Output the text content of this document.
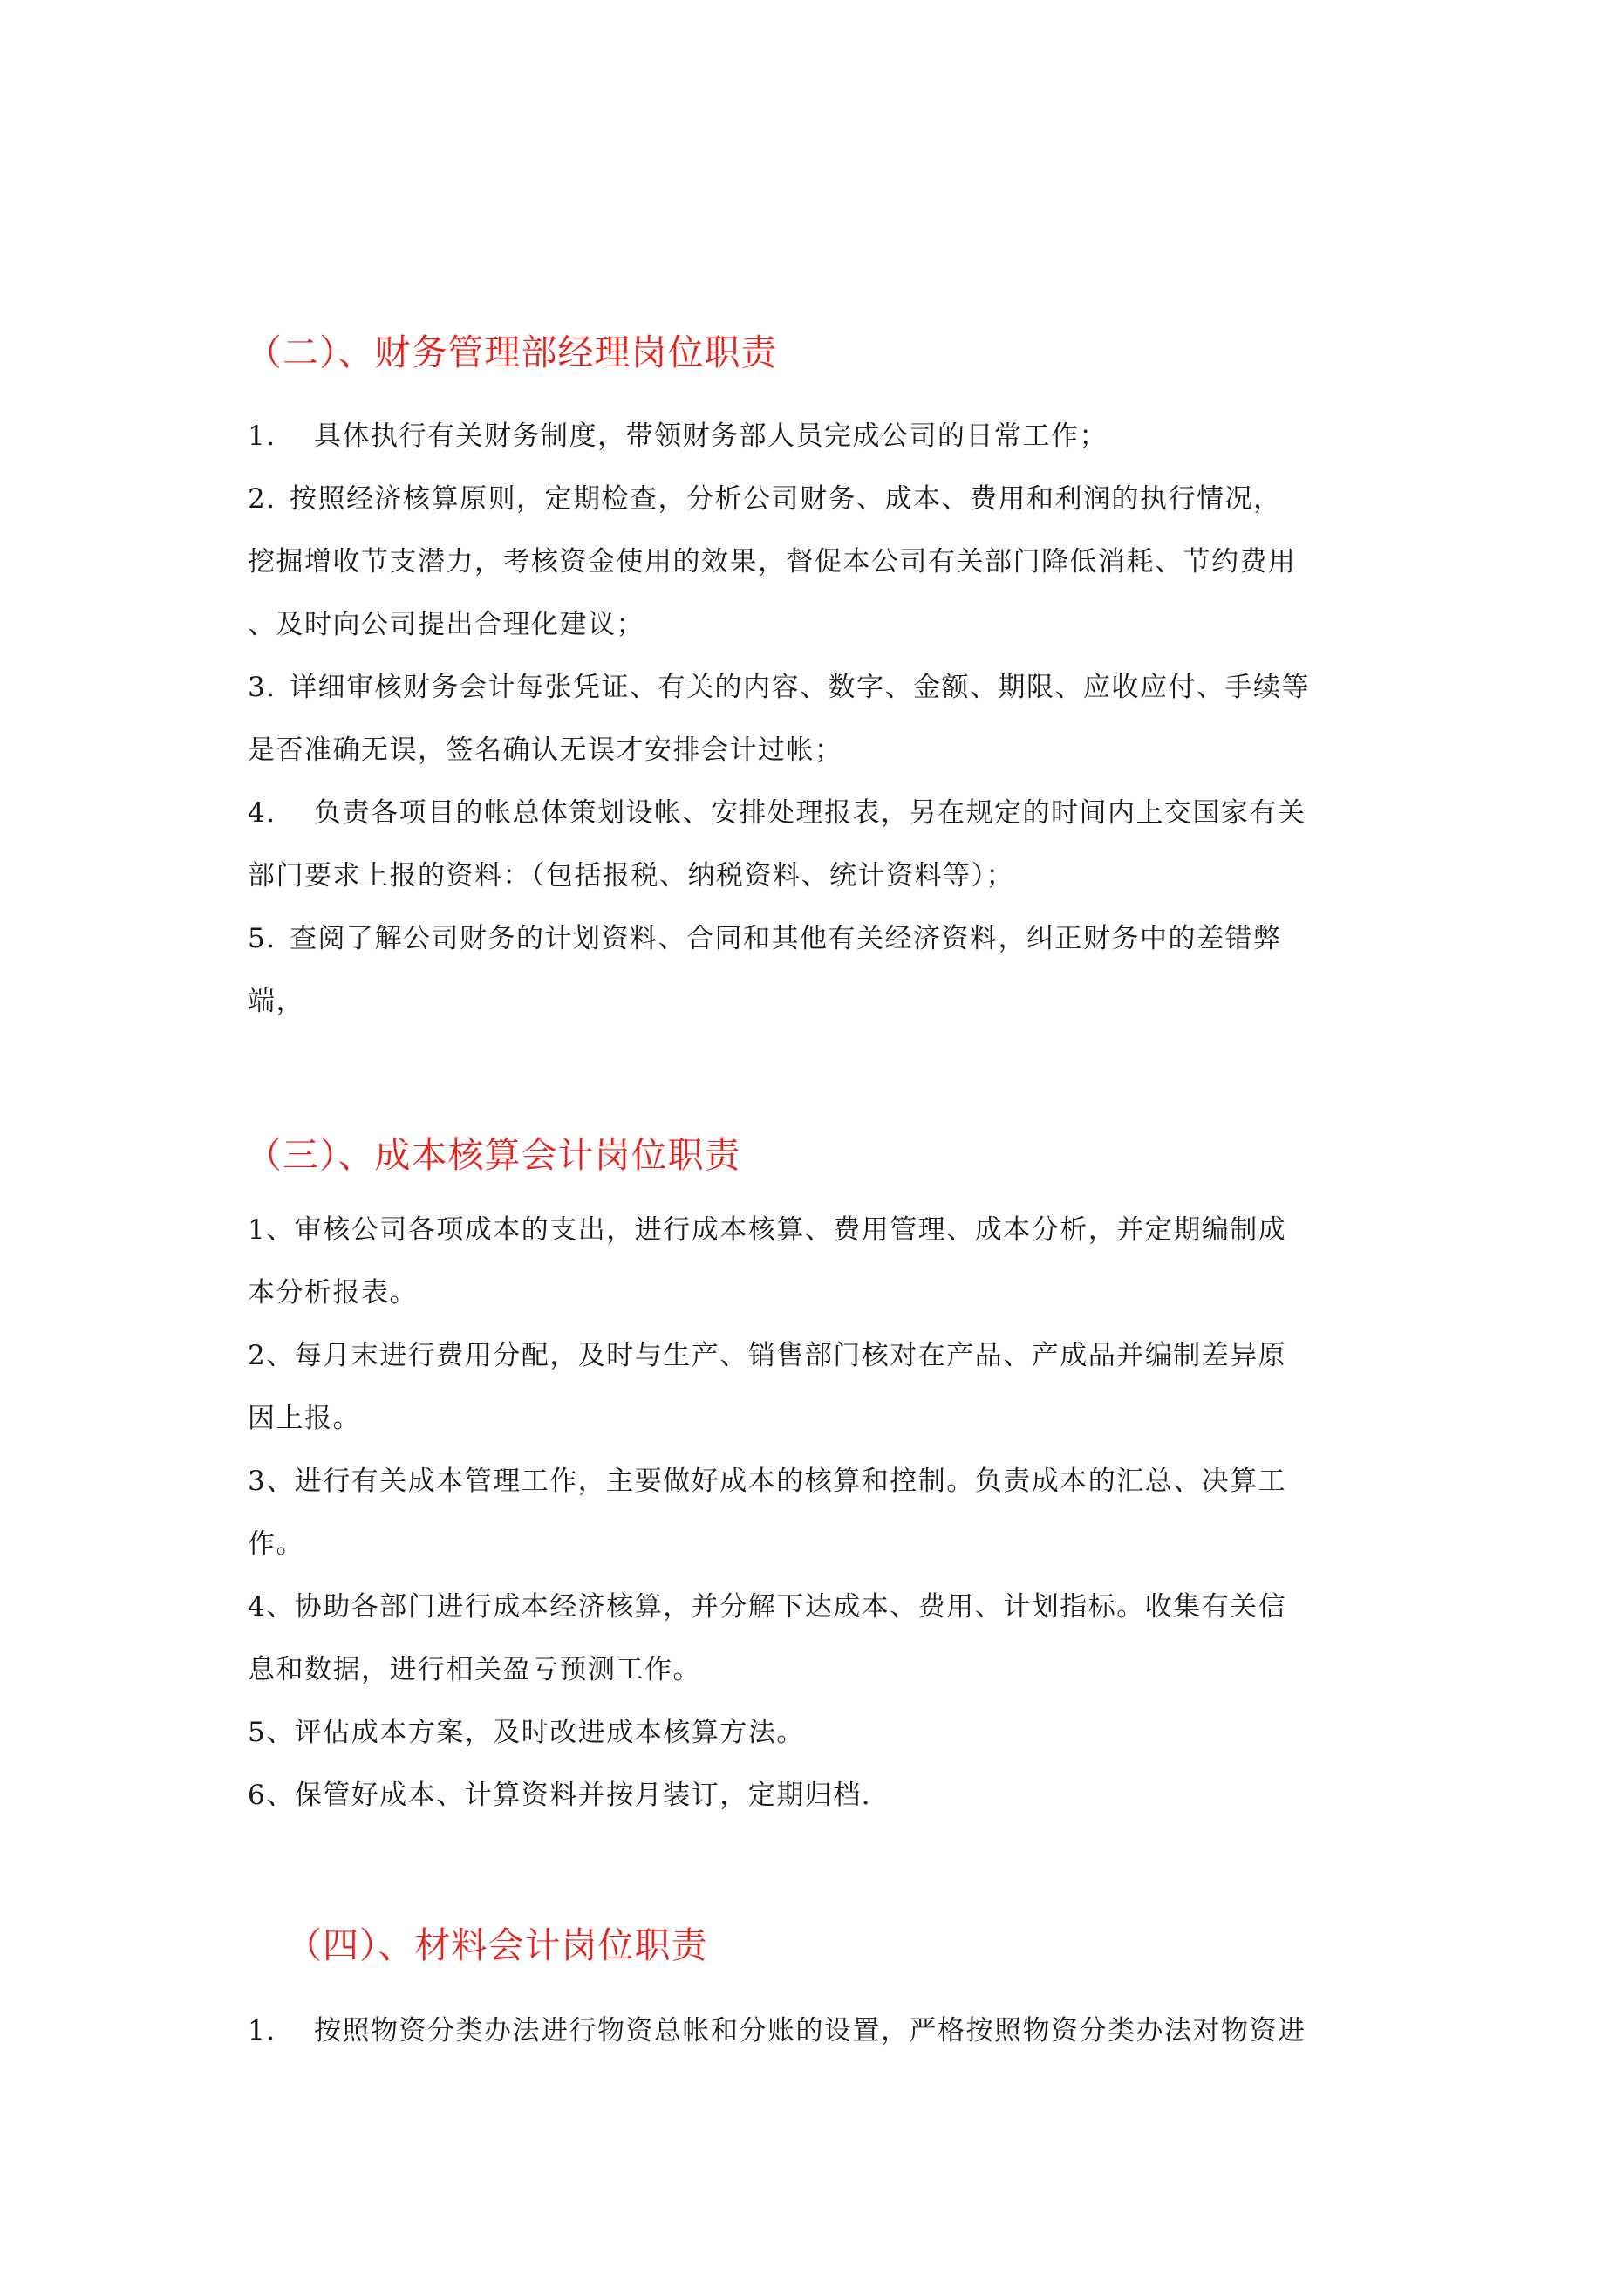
（二）、财务管理部经理岗位职责
1. 具体执行有关财务制度，带领财务部人员完成公司的日常工作；
2. 按照经济核算原则，定期检查，分析公司财务、成本、费用和利润的执行情况，
挖掘增收节支潜力，考核资金使用的效果，督促本公司有关部门降低消耗、节约费用
、及时向公司提出合理化建议；
3. 详细审核财务会计每张凭证、有关的内容、数字、金额、期限、应收应付、手续等
是否准确无误，签名确认无误才安排会计过帐；
4. 负责各项目的帐总体策划设帐、安排处理报表，另在规定的时间内上交国家有关
部门要求上报的资料：（包括报税、纳税资料、统计资料等）；
5. 查阅了解公司财务的计划资料、合同和其他有关经济资料，纠正财务中的差错弊
端，
（三）、成本核算会计岗位职责
1、审核公司各项成本的支出，进行成本核算、费用管理、成本分析，并定期编制成
本分析报表。
2、每月末进行费用分配，及时与生产、销售部门核对在产品、产成品并编制差异原
因上报。
3、进行有关成本管理工作，主要做好成本的核算和控制。负责成本的汇总、决算工
作。
4、协助各部门进行成本经济核算，并分解下达成本、费用、计划指标。收集有关信
息和数据，进行相关盈亏预测工作。
5、评估成本方案，及时改进成本核算方法。
6、保管好成本、计算资料并按月装订，定期归档.
（四）、材料会计岗位职责
1. 按照物资分类办法进行物资总帐和分账的设置，严格按照物资分类办法对物资进
